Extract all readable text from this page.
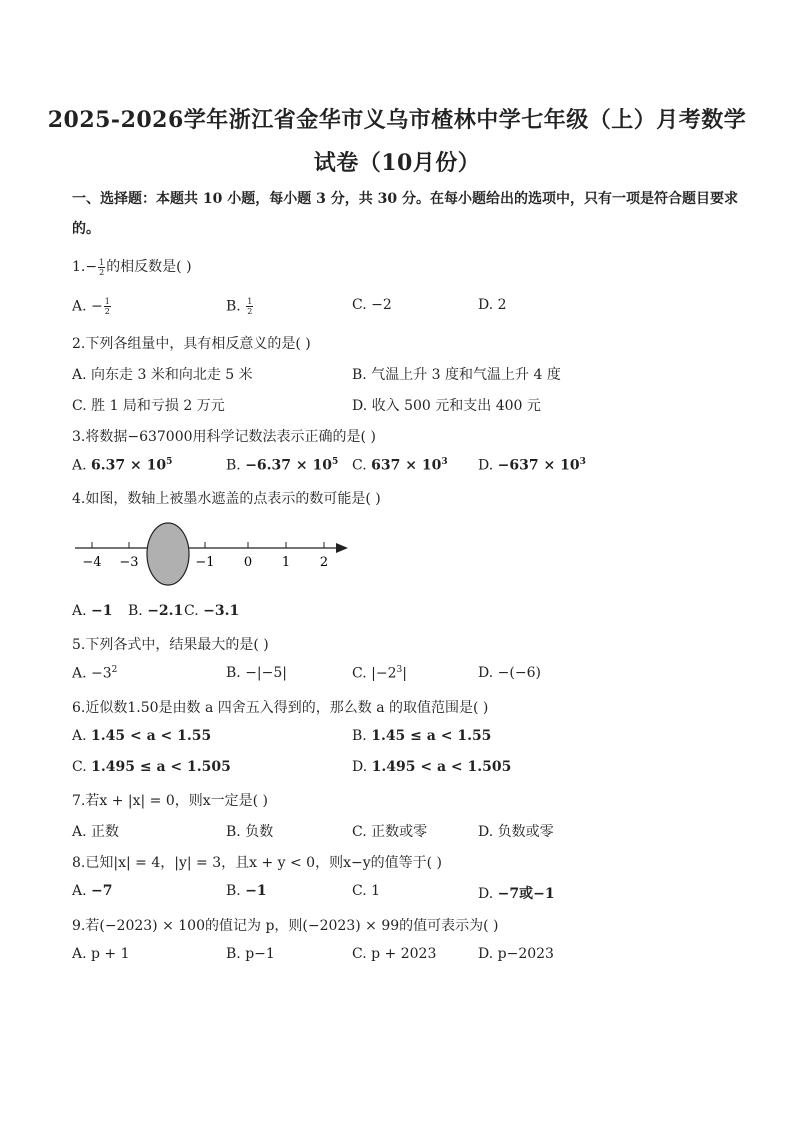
2025-2026学年浙江省金华市义乌市楂林中学七年级（上）月考数学
试卷（10月份）
一、选择题：本题共 10 小题，每小题 3 分，共 30 分。在每小题给出的选项中，只有一项是符合题目要求
的。
$1.- \frac{1}{2}$ 的相反数是( )
A. − $\frac{1}{2}$	B. $\frac{1}{2}$	C. −2	D. 2
2.下列各组量中，具有相反意义的是( )
A. 向东走 3 米和向北走 5 米	B. 气温上升 3 度和气温上升 4 度
C. 胜 1 局和亏损 2 万元	D. 收入 500 元和支出 400 元
3.将数据−637000用科学记数法表示正确的是( )
A. $6.37 \times 10^5$	B. $-6.37 \times 10^5$ C. $637 \times 10^3$ D. $-637 \times 10^3$
4.如图，数轴上被墨水遮盖的点表示的数可能是( )
−4 −3	−1 0 1 2
A. −1 B. −2.1 C. −3.1
5.下列各式中，结果最大的是( )
A. $-3^2$	B. −|−5|	C. $|-2^3|$	D. −(−6)
6.近似数1.50是由数 a 四舍五入得到的，那么数 a 的取值范围是( )
A. 1.45 < a < 1.55	B. 1.45 ≤ a < 1.55
C. 1.495 ≤ a < 1.505	D. 1.495 < a < 1.505
7.若x + |x| = 0，则x一定是( )
A. 正数	B. 负数	C. 正数或零	D. 负数或零
8.已知|x| = 4，|y| = 3，且x + y < 0，则x−y的值等于( )
A. −7	B. −1	C. 1	D. −7或−1
9.若(−2023) × 100的值记为 p，则(−2023) × 99的值可表示为( )
A. p + 1	B. p−1	C. p + 2023	D. p−2023
